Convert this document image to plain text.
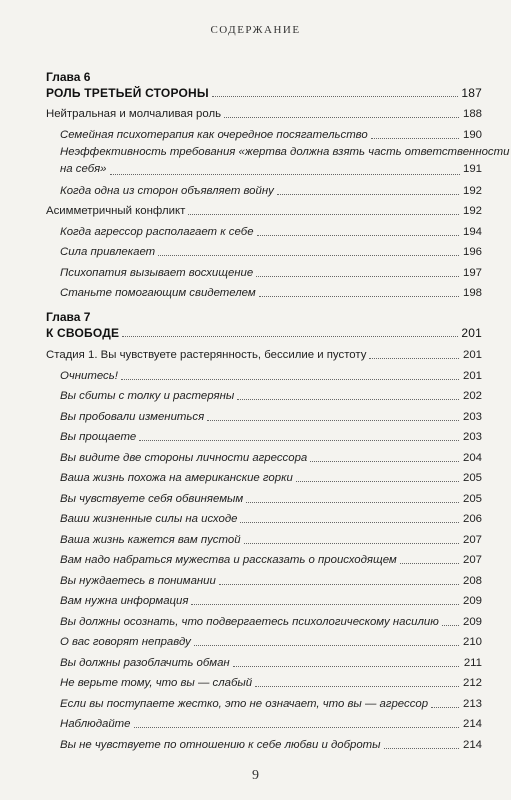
СОДЕРЖАНИЕ
Глава 6
РОЛЬ ТРЕТЬЕЙ СТОРОНЫ	187
Нейтральная и молчаливая роль	188
Семейная психотерапия как очередное посягательство	190
Неэффективность требования «жертва должна взять часть ответственности
на себя»	191
Когда одна из сторон объявляет войну	192
Асимметричный конфликт	192
Когда агрессор располагает к себе	194
Сила привлекает	196
Психопатия вызывает восхищение	197
Станьте помогающим свидетелем	198
Глава 7
К СВОБОДЕ	201
Стадия 1. Вы чувствуете растерянность, бессилие и пустоту	201
Очнитесь!	201
Вы сбиты с толку и растеряны	202
Вы пробовали измениться	203
Вы прощаете	203
Вы видите две стороны личности агрессора	204
Ваша жизнь похожа на американские горки	205
Вы чувствуете себя обвиняемым	205
Ваши жизненные силы на исходе	206
Ваша жизнь кажется вам пустой	207
Вам надо набраться мужества и рассказать о происходящем	207
Вы нуждаетесь в понимании	208
Вам нужна информация	209
Вы должны осознать, что подвергаетесь психологическому насилию 209
О вас говорят неправду	210
Вы должны разоблачить обман	211
Не верьте тому, что вы — слабый	212
Если вы поступаете жестко, это не означает, что вы — агрессор	213
Наблюдайте	214
Вы не чувствуете по отношению к себе любви и доброты	214
9
